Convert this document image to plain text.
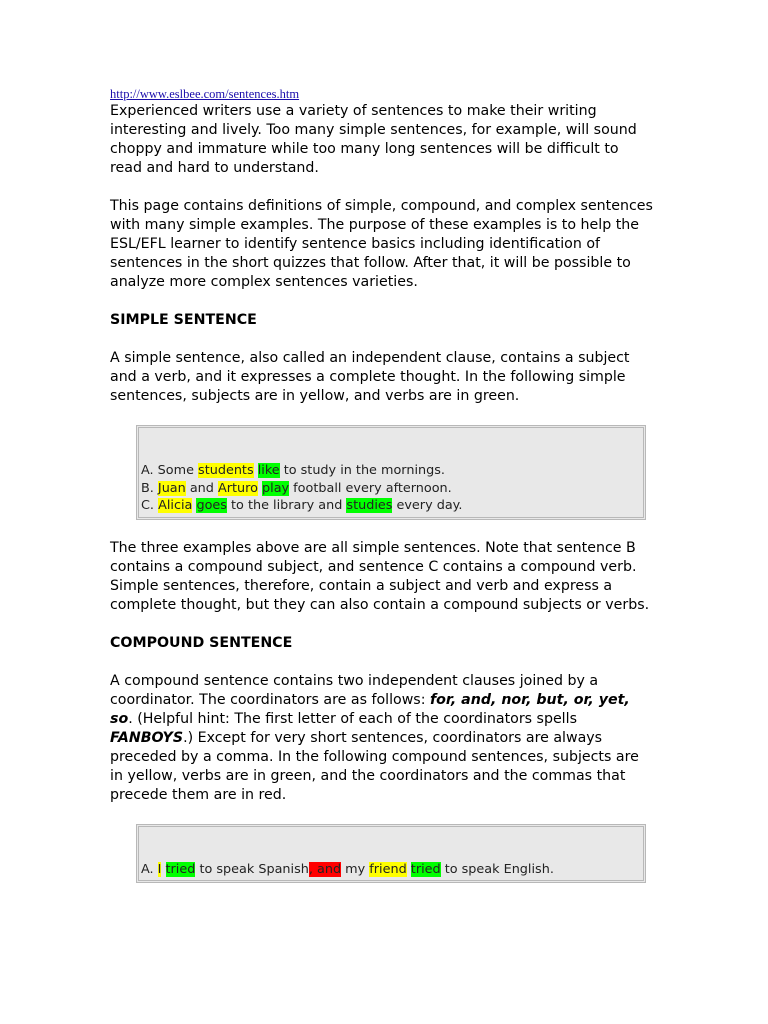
http://www.eslbee.com/sentences.htm

Experienced writers use a variety of sentences to make their writing interesting and lively. Too many simple sentences, for example, will sound choppy and immature while too many long sentences will be difficult to read and hard to understand.

This page contains definitions of simple, compound, and complex sentences with many simple examples. The purpose of these examples is to help the ESL/EFL learner to identify sentence basics including identification of sentences in the short quizzes that follow. After that, it will be possible to analyze more complex sentences varieties.

SIMPLE SENTENCE

A simple sentence, also called an independent clause, contains a subject and a verb, and it expresses a complete thought. In the following simple sentences, subjects are in yellow, and verbs are in green.

A. Some students like to study in the mornings.
B. Juan and Arturo play football every afternoon.
C. Alicia goes to the library and studies every day.

The three examples above are all simple sentences. Note that sentence B contains a compound subject, and sentence C contains a compound verb. Simple sentences, therefore, contain a subject and verb and express a complete thought, but they can also contain a compound subjects or verbs.

COMPOUND SENTENCE

A compound sentence contains two independent clauses joined by a coordinator. The coordinators are as follows: for, and, nor, but, or, yet, so. (Helpful hint: The first letter of each of the coordinators spells FANBOYS.) Except for very short sentences, coordinators are always preceded by a comma. In the following compound sentences, subjects are in yellow, verbs are in green, and the coordinators and the commas that precede them are in red.

A. I tried to speak Spanish, and my friend tried to speak English.
